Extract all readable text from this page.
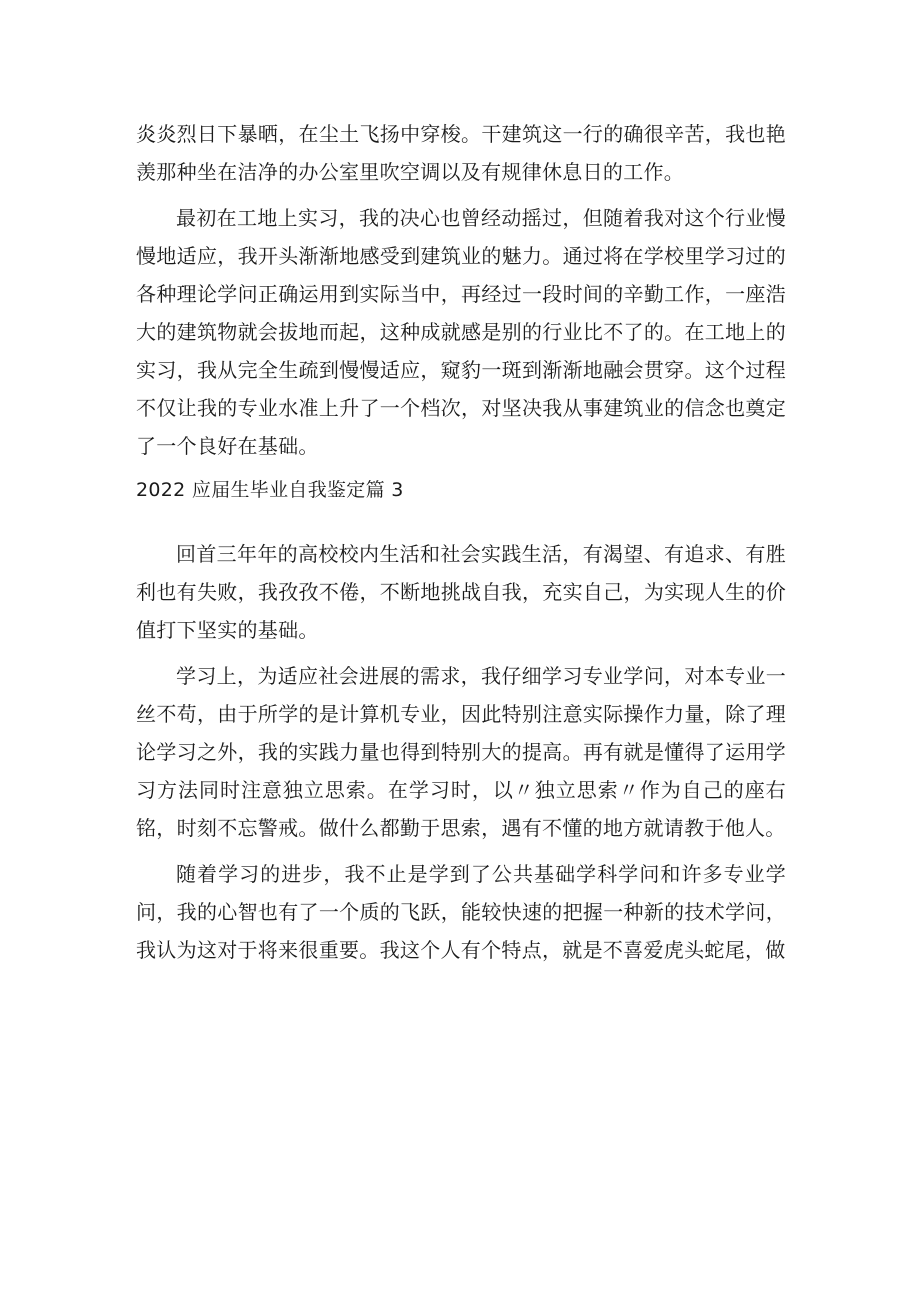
炎炎烈日下暴晒，在尘土飞扬中穿梭。干建筑这一行的确很辛苦，我也艳羡那种坐在洁净的办公室里吹空调以及有规律休息日的工作。

最初在工地上实习，我的决心也曾经动摇过，但随着我对这个行业慢慢地适应，我开头渐渐地感受到建筑业的魅力。通过将在学校里学习过的各种理论学问正确运用到实际当中，再经过一段时间的辛勤工作，一座浩大的建筑物就会拔地而起，这种成就感是别的行业比不了的。在工地上的实习，我从完全生疏到慢慢适应，窥豹一斑到渐渐地融会贯穿。这个过程不仅让我的专业水准上升了一个档次，对坚决我从事建筑业的信念也奠定了一个良好在基础。

2022 应届生毕业自我鉴定篇 3

回首三年年的高校校内生活和社会实践生活，有渴望、有追求、有胜利也有失败，我孜孜不倦，不断地挑战自我，充实自己，为实现人生的价值打下坚实的基础。

学习上，为适应社会进展的需求，我仔细学习专业学问，对本专业一丝不苟，由于所学的是计算机专业，因此特别注意实际操作力量，除了理论学习之外，我的实践力量也得到特别大的提高。再有就是懂得了运用学习方法同时注意独立思索。在学习时，以〃独立思索〃作为自己的座右铭，时刻不忘警戒。做什么都勤于思索，遇有不懂的地方就请教于他人。

随着学习的进步，我不止是学到了公共基础学科学问和许多专业学问，我的心智也有了一个质的飞跃，能较快速的把握一种新的技术学问，我认为这对于将来很重要。我这个人有个特点，就是不喜爱虎头蛇尾，做
